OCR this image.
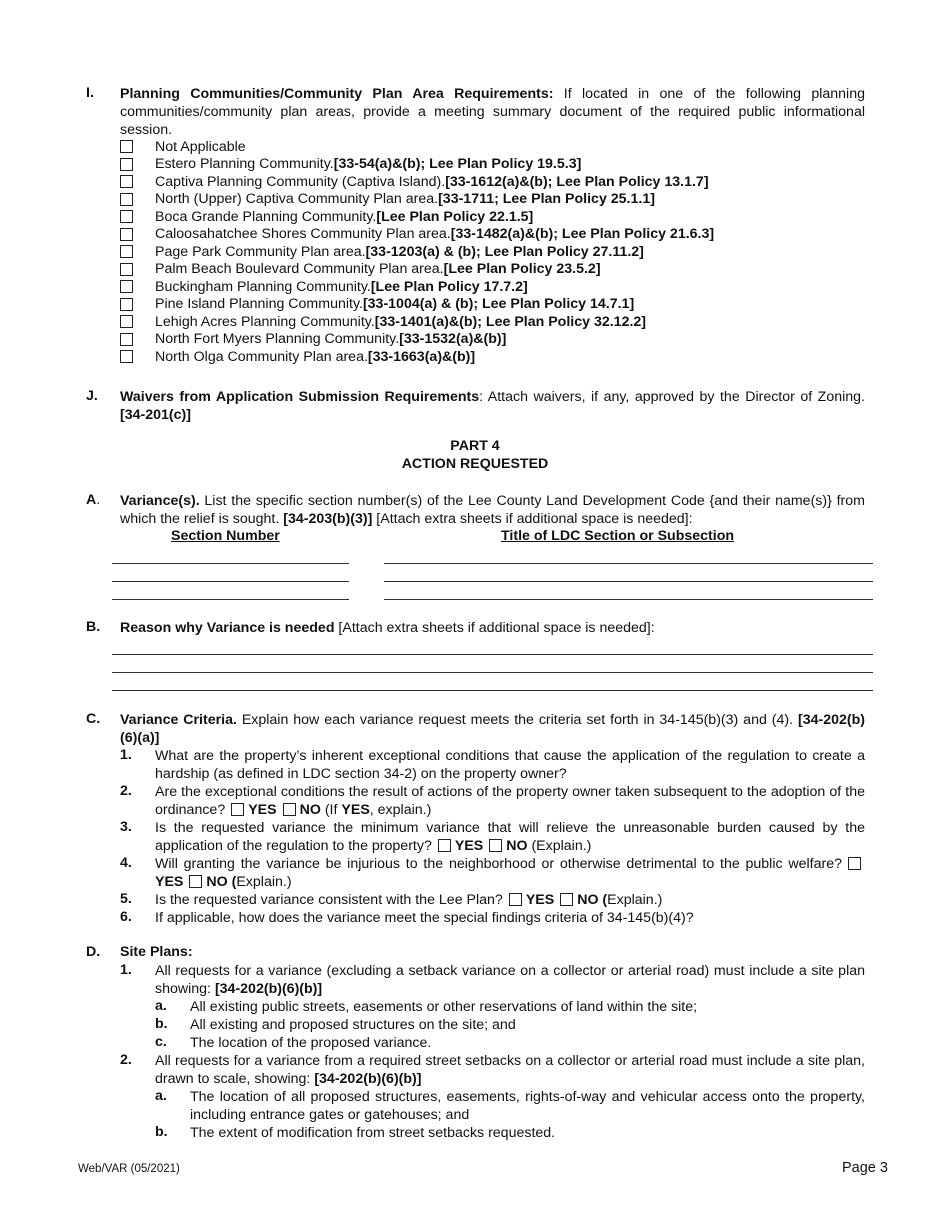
I. Planning Communities/Community Plan Area Requirements: If located in one of the following planning communities/community plan areas, provide a meeting summary document of the required public informational session.
Not Applicable
Estero Planning Community. [33-54(a)&(b); Lee Plan Policy 19.5.3]
Captiva Planning Community (Captiva Island). [33-1612(a)&(b); Lee Plan Policy 13.1.7]
North (Upper) Captiva Community Plan area. [33-1711; Lee Plan Policy 25.1.1]
Boca Grande Planning Community. [Lee Plan Policy 22.1.5]
Caloosahatchee Shores Community Plan area. [33-1482(a)&(b); Lee Plan Policy 21.6.3]
Page Park Community Plan area. [33-1203(a) & (b); Lee Plan Policy 27.11.2]
Palm Beach Boulevard Community Plan area. [Lee Plan Policy 23.5.2]
Buckingham Planning Community. [Lee Plan Policy 17.7.2]
Pine Island Planning Community. [33-1004(a) & (b); Lee Plan Policy 14.7.1]
Lehigh Acres Planning Community. [33-1401(a)&(b); Lee Plan Policy 32.12.2]
North Fort Myers Planning Community. [33-1532(a)&(b)]
North Olga Community Plan area. [33-1663(a)&(b)]
J. Waivers from Application Submission Requirements: Attach waivers, if any, approved by the Director of Zoning. [34-201(c)]
PART 4
ACTION REQUESTED
A. Variance(s). List the specific section number(s) of the Lee County Land Development Code {and their name(s)} from which the relief is sought. [34-203(b)(3)] [Attach extra sheets if additional space is needed]:
Section Number	Title of LDC Section or Subsection
B. Reason why Variance is needed [Attach extra sheets if additional space is needed]:
C. Variance Criteria. Explain how each variance request meets the criteria set forth in 34-145(b)(3) and (4). [34-202(b)(6)(a)]
1. What are the property’s inherent exceptional conditions that cause the application of the regulation to create a hardship (as defined in LDC section 34-2) on the property owner?
2. Are the exceptional conditions the result of actions of the property owner taken subsequent to the adoption of the ordinance? YES NO (If YES, explain.)
3. Is the requested variance the minimum variance that will relieve the unreasonable burden caused by the application of the regulation to the property? YES NO (Explain.)
4. Will granting the variance be injurious to the neighborhood or otherwise detrimental to the public welfare?YES NO (Explain.)
5. Is the requested variance consistent with the Lee Plan? YES NO (Explain.)
6. If applicable, how does the variance meet the special findings criteria of 34-145(b)(4)?
D. Site Plans:
1. All requests for a variance (excluding a setback variance on a collector or arterial road) must include a site plan showing: [34-202(b)(6)(b)]
a. All existing public streets, easements or other reservations of land within the site;
b. All existing and proposed structures on the site; and
c. The location of the proposed variance.
2. All requests for a variance from a required street setbacks on a collector or arterial road must include a site plan, drawn to scale, showing: [34-202(b)(6)(b)]
a. The location of all proposed structures, easements, rights-of-way and vehicular access onto the property, including entrance gates or gatehouses; and
b. The extent of modification from street setbacks requested.
Web/VAR (05/2021)	Page 3
